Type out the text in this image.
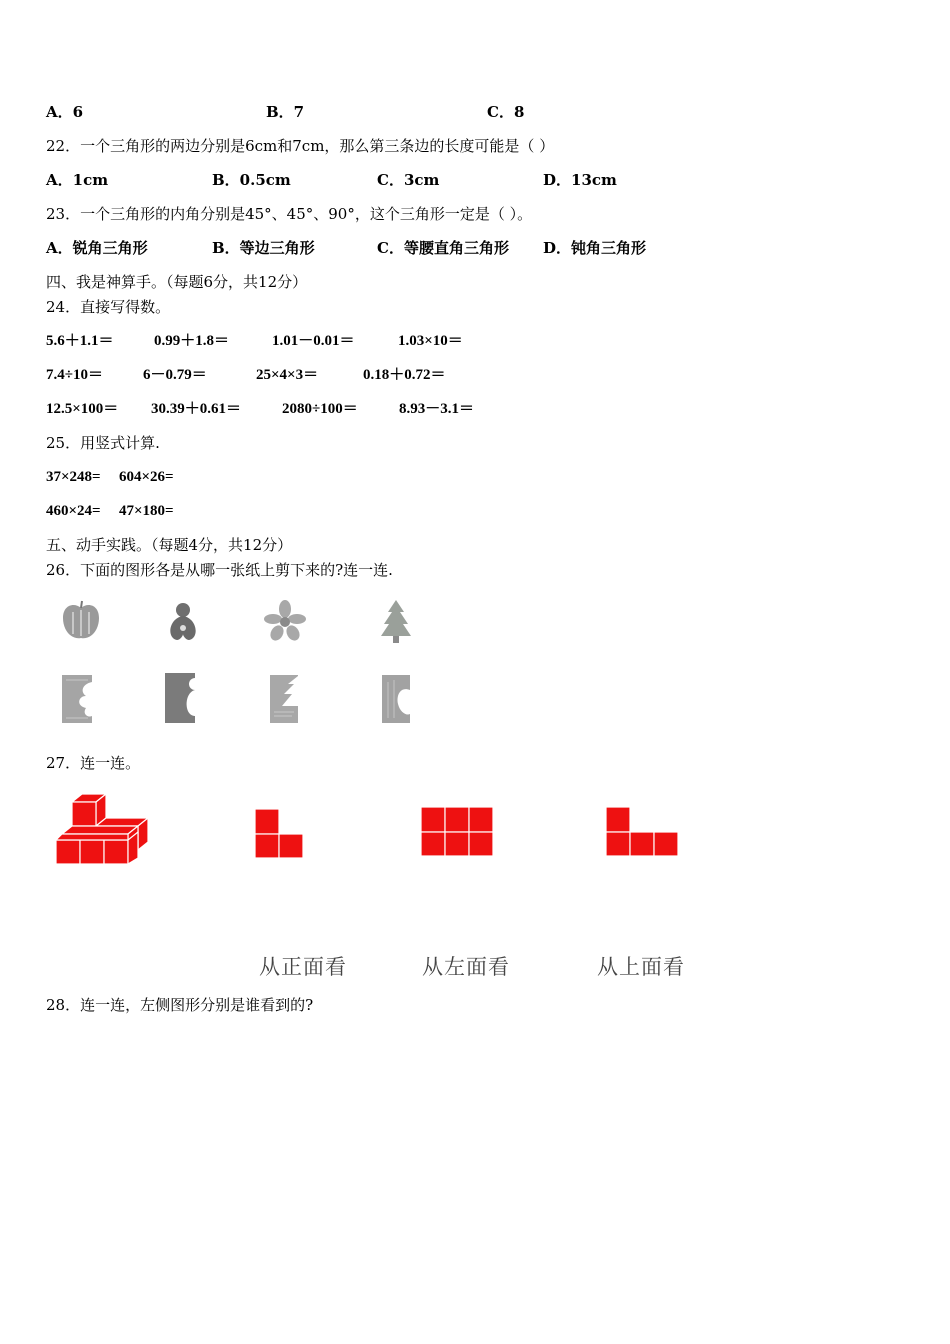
A．6	B．7	C．8
22．一个三角形的两边分别是6cm和7cm，那么第三条边的长度可能是（ ）
A．1cm	B．0.5cm	C．3cm	D．13cm
23．一个三角形的内角分别是45°、45°、90°，这个三角形一定是（ ）。
A．锐角三角形	B．等边三角形	C．等腰直角三角形 D．钝角三角形
四、我是神算手。（每题6分，共12分）
24．直接写得数。
5.6＋1.1＝	0.99＋1.8＝	1.01－0.01＝	1.03×10＝
7.4÷10＝	6－0.79＝	25×4×3＝	0.18＋0.72＝
12.5×100＝ 30.39＋0.61＝	2080÷100＝	8.93－3.1＝
25．用竖式计算.
37×248= 604×26=
460×24= 47×180=
五、动手实践。（每题4分，共12分）
26．下面的图形各是从哪一张纸上剪下来的?连一连.
27．连一连。
从正面看	从左面看	从上面看
28．连一连，左侧图形分别是谁看到的?
